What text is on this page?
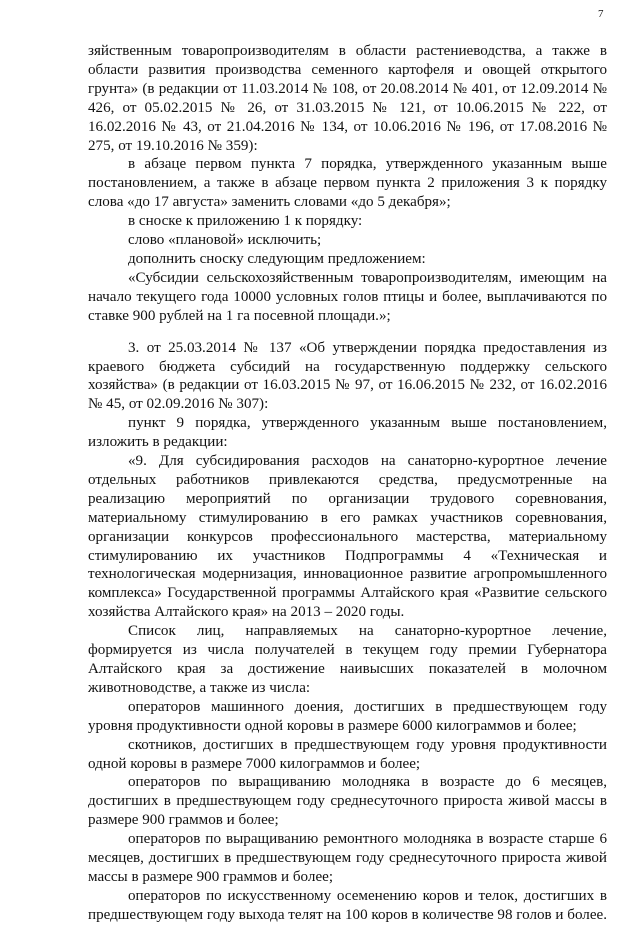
7

зяйственным товаропроизводителям в области растениеводства, а также в области развития производства семенного картофеля и овощей открытого грунта» (в редакции от 11.03.2014 № 108, от 20.08.2014 № 401, от 12.09.2014 № 426, от 05.02.2015 № 26, от 31.03.2015 № 121, от 10.06.2015 № 222, от 16.02.2016 № 43, от 21.04.2016 № 134, от 10.06.2016 № 196, от 17.08.2016 № 275, от 19.10.2016 № 359):

в абзаце первом пункта 7 порядка, утвержденного указанным выше постановлением, а также в абзаце первом пункта 2 приложения 3 к порядку слова «до 17 августа» заменить словами «до 5 декабря»;

в сноске к приложению 1 к порядку:

слово «плановой» исключить;

дополнить сноску следующим предложением:

«Субсидии сельскохозяйственным товаропроизводителям, имеющим на начало текущего года 10000 условных голов птицы и более, выплачиваются по ставке 900 рублей на 1 га посевной площади.»;

3. от 25.03.2014 № 137 «Об утверждении порядка предоставления из краевого бюджета субсидий на государственную поддержку сельского хозяйства» (в редакции от 16.03.2015 № 97, от 16.06.2015 № 232, от 16.02.2016 № 45, от 02.09.2016 № 307):

пункт 9 порядка, утвержденного указанным выше постановлением, изложить в редакции:

«9. Для субсидирования расходов на санаторно-курортное лечение отдельных работников привлекаются средства, предусмотренные на реализацию мероприятий по организации трудового соревнования, материальному стимулированию в его рамках участников соревнования, организации конкурсов профессионального мастерства, материальному стимулированию их участников Подпрограммы 4 «Техническая и технологическая модернизация, инновационное развитие агропромышленного комплекса» Государственной программы Алтайского края «Развитие сельского хозяйства Алтайского края» на 2013 – 2020 годы.

Список лиц, направляемых на санаторно-курортное лечение, формируется из числа получателей в текущем году премии Губернатора Алтайского края за достижение наивысших показателей в молочном животноводстве, а также из числа:

операторов машинного доения, достигших в предшествующем году уровня продуктивности одной коровы в размере 6000 килограммов и более;

скотников, достигших в предшествующем году уровня продуктивности одной коровы в размере 7000 килограммов и более;

операторов по выращиванию молодняка в возрасте до 6 месяцев, достигших в предшествующем году среднесуточного прироста живой массы в размере 900 граммов и более;

операторов по выращиванию ремонтного молодняка в возрасте старше 6 месяцев, достигших в предшествующем году среднесуточного прироста живой массы в размере 900 граммов и более;

операторов по искусственному осеменению коров и телок, достигших в предшествующем году выхода телят на 100 коров в количестве 98 голов и более.
